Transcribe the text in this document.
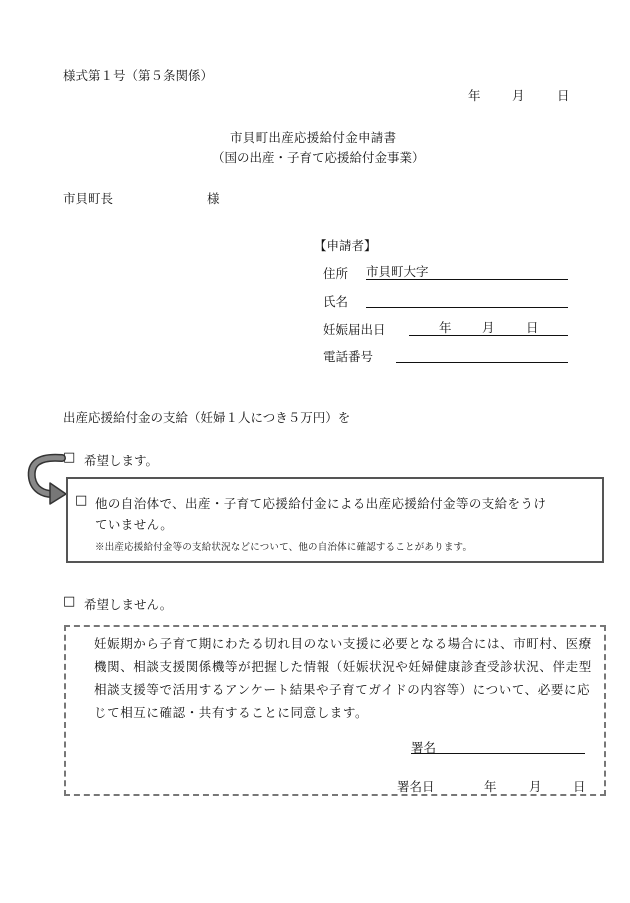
様式第１号（第５条関係）
年	月	日
市貝町出産応援給付金申請書
（国の出産・子育て応援給付金事業）
市貝町長	様
【申請者】
住所 市貝町大字
氏名
妊娠届出日	年 月	日
電話番号
出産応援給付金の支給（妊婦１人につき５万円）を
□ 希望します。
□ 他の自治体で、出産・子育て応援給付金による出産応援給付金等の支給をうけ
ていません。
※出産応援給付金等の支給状況などについて、他の自治体に確認することがあります。
□ 希望しません。
妊娠期から子育て期にわたる切れ目のない支援に必要となる場合には、市町村、医療機関、相談支援関係機等が把握した情報（妊娠状況や妊婦健康診査受診状況、伴走型相談支援等で活用するアンケート結果や子育てガイドの内容等）について、必要に応じて相互に確認・共有することに同意します。
署名
署名日	年	月	日
